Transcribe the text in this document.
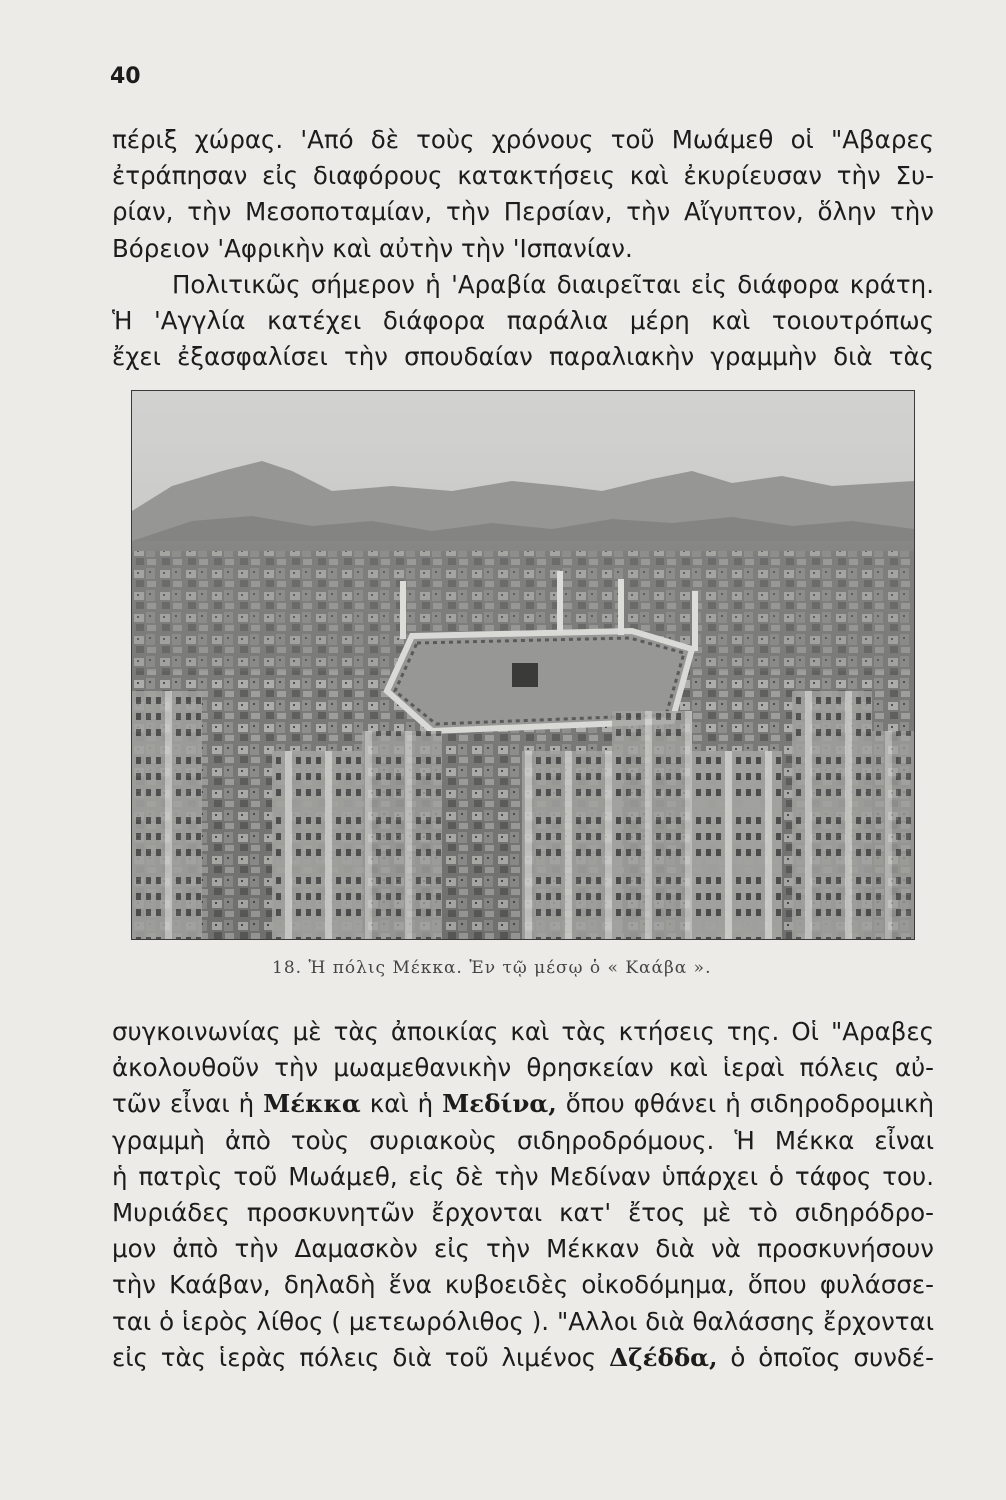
40
πέριξ χώρας. 'Από δὲ τοὺς χρόνους τοῦ Μωάμεθ οἱ "Αβαρες
ἐτράπησαν εἰς διαφόρους κατακτήσεις καὶ ἐκυρίευσαν τὴν Συ-
ρίαν, τὴν Μεσοποταμίαν, τὴν Περσίαν, τὴν Αἴγυπτον, ὅλην τὴν
Βόρειον 'Αφρικὴν καὶ αὐτὴν τὴν 'Ισπανίαν.
Πολιτικῶς σήμερον ἡ 'Αραβία διαιρεῖται εἰς διάφορα κράτη.
Ἡ 'Αγγλία κατέχει διάφορα παράλια μέρη καὶ τοιουτρόπως
ἔχει ἐξασφαλίσει τὴν σπουδαίαν παραλιακὴν γραμμὴν διὰ τὰς
18. Ἡ πόλις Μέκκα. Ἐν τῷ μέσῳ ὁ « Καάβα ».
συγκοινωνίας μὲ τὰς ἀποικίας καὶ τὰς κτήσεις της. Οἱ "Αραβες
ἀκολουθοῦν τὴν μωαμεθανικὴν θρησκείαν καὶ ἱεραὶ πόλεις αὐ-
τῶν εἶναι ἡ Μέκκα καὶ ἡ Μεδίνα, ὅπου φθάνει ἡ σιδηροδρομικὴ
γραμμὴ ἀπὸ τοὺς συριακοὺς σιδηροδρόμους. Ἡ Μέκκα εἶναι
ἡ πατρὶς τοῦ Μωάμεθ, εἰς δὲ τὴν Μεδίναν ὑπάρχει ὁ τάφος του.
Μυριάδες προσκυνητῶν ἔρχονται κατ' ἔτος μὲ τὸ σιδηρόδρο-
μον ἀπὸ τὴν Δαμασκὸν εἰς τὴν Μέκκαν διὰ νὰ προσκυνήσουν
τὴν Καάβαν, δηλαδὴ ἕνα κυβοειδὲς οἰκοδόμημα, ὅπου φυλάσσε-
ται ὁ ἱερὸς λίθος ( μετεωρόλιθος ). "Αλλοι διὰ θαλάσσης ἔρχονται
εἰς τὰς ἱερὰς πόλεις διὰ τοῦ λιμένος Δζέδδα, ὁ ὁποῖος συνδέ-
